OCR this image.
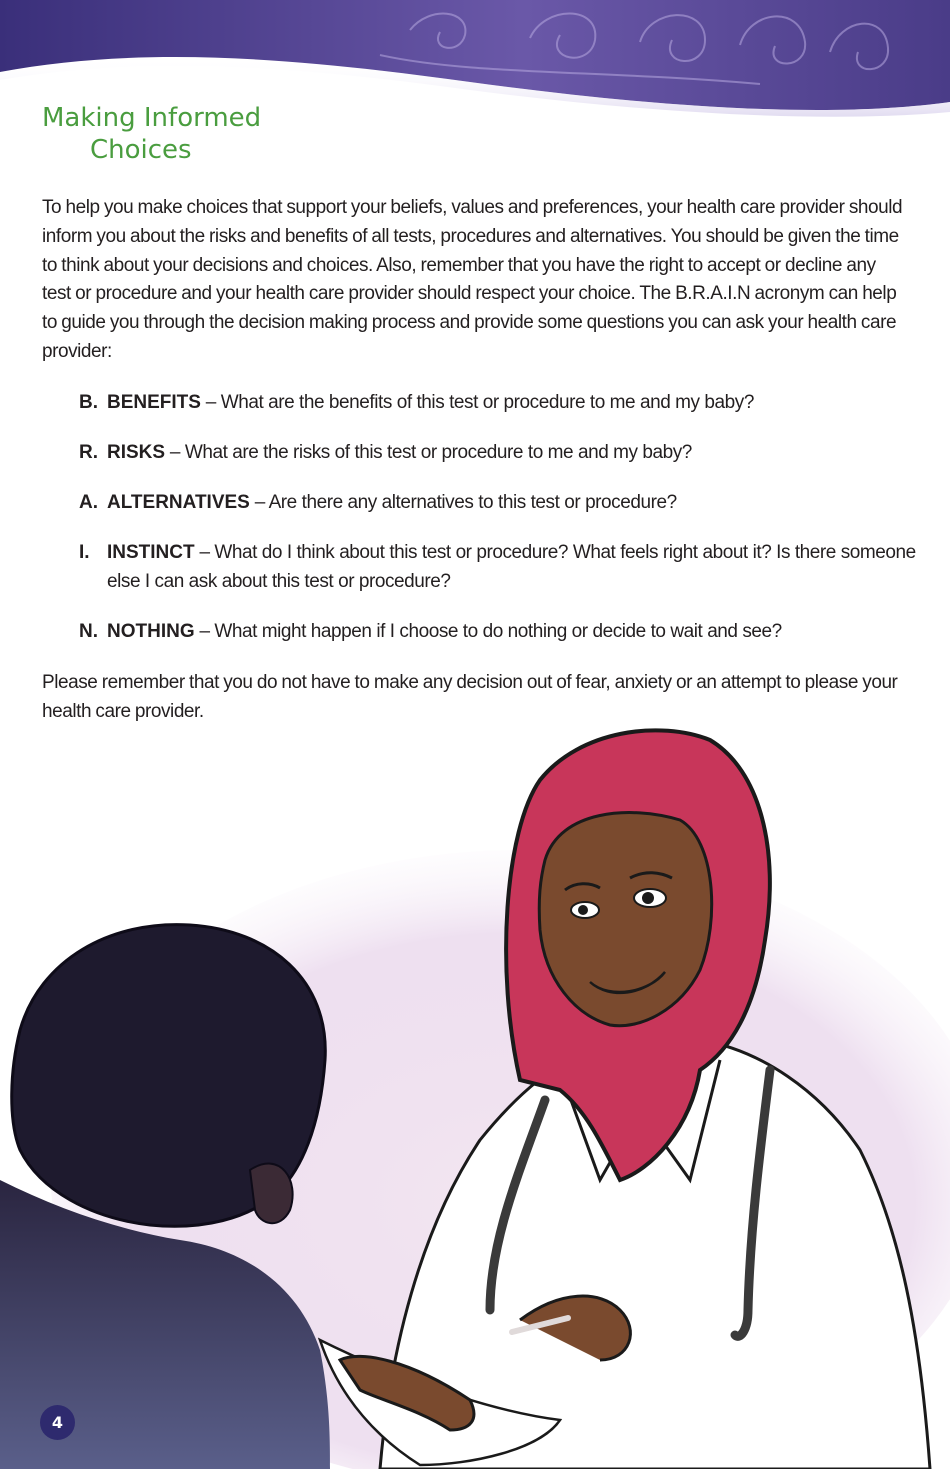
Making Informed
Choices

To help you make choices that support your beliefs, values and preferences, your health care provider should inform you about the risks and benefits of all tests, procedures and alternatives. You should be given the time to think about your decisions and choices. Also, remember that you have the right to accept or decline any test or procedure and your health care provider should respect your choice. The B.R.A.I.N acronym can help to guide you through the decision making process and provide some questions you can ask your health care provider:

B. BENEFITS – What are the benefits of this test or procedure to me and my baby?
R. RISKS – What are the risks of this test or procedure to me and my baby?
A. ALTERNATIVES – Are there any alternatives to this test or procedure?
I. INSTINCT – What do I think about this test or procedure? What feels right about it? Is there someone else I can ask about this test or procedure?
N. NOTHING – What might happen if I choose to do nothing or decide to wait and see?

Please remember that you do not have to make any decision out of fear, anxiety or an attempt to please your health care provider.

4
